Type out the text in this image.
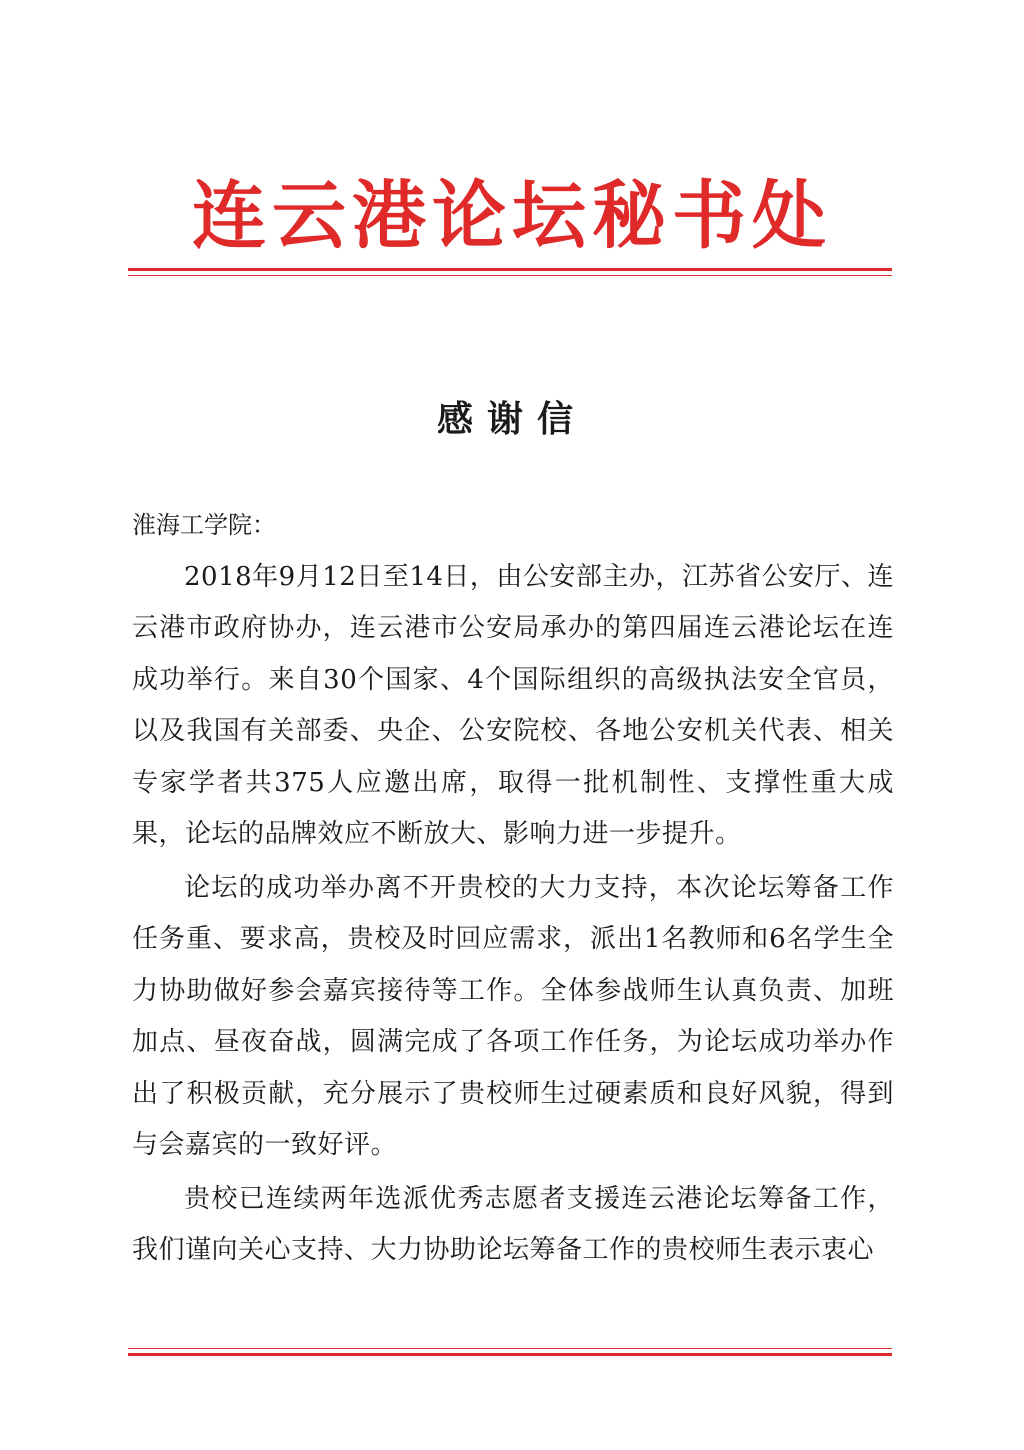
连云港论坛秘书处
感谢信

淮海工学院：

2018年9月12日至14日，由公安部主办，江苏省公安厅、连云港市政府协办，连云港市公安局承办的第四届连云港论坛在连成功举行。来自30个国家、4个国际组织的高级执法安全官员，以及我国有关部委、央企、公安院校、各地公安机关代表、相关专家学者共375人应邀出席，取得一批机制性、支撑性重大成果，论坛的品牌效应不断放大、影响力进一步提升。

论坛的成功举办离不开贵校的大力支持，本次论坛筹备工作任务重、要求高，贵校及时回应需求，派出1名教师和6名学生全力协助做好参会嘉宾接待等工作。全体参战师生认真负责、加班加点、昼夜奋战，圆满完成了各项工作任务，为论坛成功举办作出了积极贡献，充分展示了贵校师生过硬素质和良好风貌，得到与会嘉宾的一致好评。

贵校已连续两年选派优秀志愿者支援连云港论坛筹备工作，我们谨向关心支持、大力协助论坛筹备工作的贵校师生表示衷心
